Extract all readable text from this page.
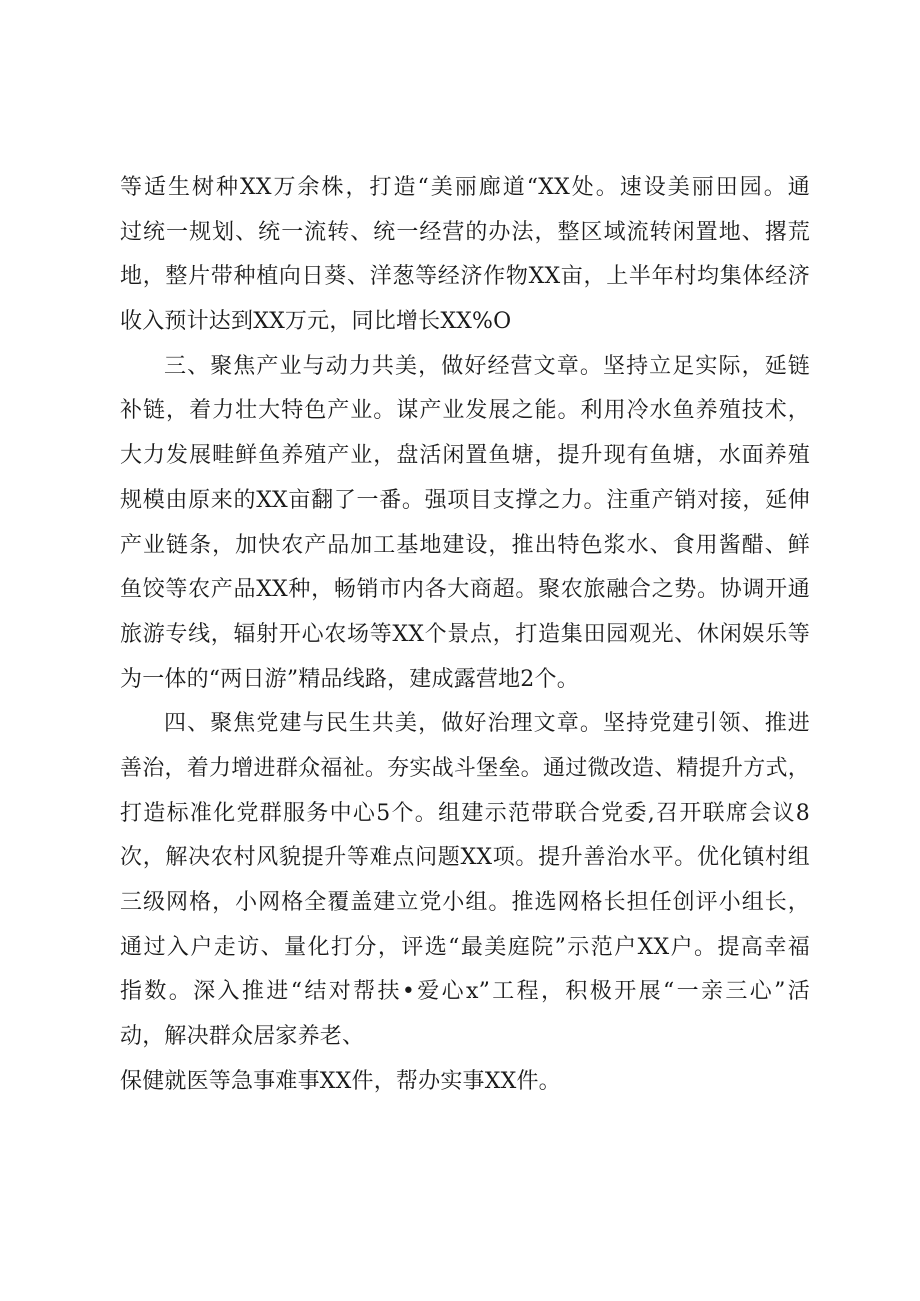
等适生树种XX万余株，打造“美丽廊道“XX处。速设美丽田园。通
过统一规划、统一流转、统一经营的办法，整区域流转闲置地、撂荒
地，整片带种植向日葵、洋葱等经济作物XX亩，上半年村均集体经济
收入预计达到XX万元，同比增长XX%O
三、聚焦产业与动力共美，做好经营文章。坚持立足实际，延链
补链，着力壮大特色产业。谋产业发展之能。利用冷水鱼养殖技术，
大力发展畦鲜鱼养殖产业，盘活闲置鱼塘，提升现有鱼塘，水面养殖
规模由原来的XX亩翻了一番。强项目支撑之力。注重产销对接，延伸
产业链条，加快农产品加工基地建设，推出特色浆水、食用酱醋、鲜
鱼饺等农产品XX种，畅销市内各大商超。聚农旅融合之势。协调开通
旅游专线，辐射开心农场等XX个景点，打造集田园观光、休闲娱乐等
为一体的“两日游”精品线路，建成露营地2个。
四、聚焦党建与民生共美，做好治理文章。坚持党建引领、推进
善治，着力增进群众福祉。夯实战斗堡垒。通过微改造、精提升方式，
打造标准化党群服务中心5个。组建示范带联合党委,召开联席会议8
次，解决农村风貌提升等难点问题XX项。提升善治水平。优化镇村组
三级网格，小网格全覆盖建立党小组。推选网格长担任创评小组长，
通过入户走访、量化打分，评选“最美庭院”示范户XX户。提高幸福
指数。深入推进“结对帮扶•爱心x”工程，积极开展“一亲三心”活
动，解决群众居家养老、
保健就医等急事难事XX件，帮办实事XX件。
